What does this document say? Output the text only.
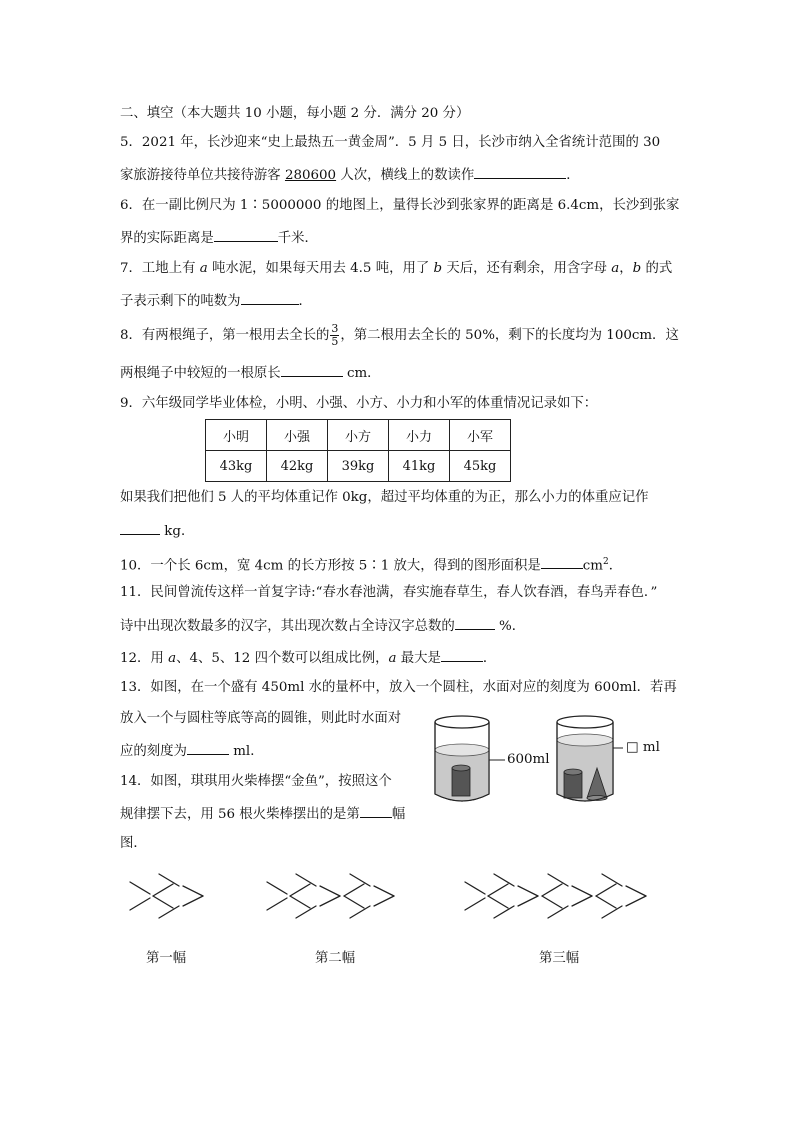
二、填空（本大题共 10 小题，每小题 2 分．满分 20 分）
5．2021 年，长沙迎来“史上最热五一黄金周”．5 月 5 日，长沙市纳入全省统计范围的 30
家旅游接待单位共接待游客 280600 人次，横线上的数读作	．
6．在一副比例尺为 1∶5000000 的地图上，量得长沙到张家界的距离是 6.4cm，长沙到张家
界的实际距离是	千米．
7．工地上有 a 吨水泥，如果每天用去 4.5 吨，用了 b 天后，还有剩余，用含字母 a，b 的式
子表示剩下的吨数为	．
8．有两根绳子，第一根用去全长的 $\frac{3}{5}$ ，第二根用去全长的 50%，剩下的长度均为 100cm．这
两根绳子中较短的一根原长	cm．
9．六年级同学毕业体检，小明、小强、小方、小力和小军的体重情况记录如下：
小明	小强	小方	小力	小军
43kg	42kg	39kg	41kg	45kg
如果我们把他们 5 人的平均体重记作 0kg，超过平均体重的为正，那么小力的体重应记作
kg．
10．一个长 6cm，宽 4cm 的长方形按 5∶1 放大，得到的图形面积是	$cm^2$．
11．民间曾流传这样一首复字诗:“春水春池满，春实施春草生，春人饮春酒，春鸟弄春色．”
诗中出现次数最多的汉字，其出现次数占全诗汉字总数的	%．
12．用 a、4、5、12 四个数可以组成比例，a 最大是	．
13．如图，在一个盛有 450ml 水的量杯中，放入一个圆柱，水面对应的刻度为 600ml．若再
放入一个与圆柱等底等高的圆锥，则此时水面对
应的刻度为	ml．
600ml
□ ml
14．如图，琪琪用火柴棒摆“金鱼”，按照这个
规律摆下去，用 56 根火柴棒摆出的是第 幅
图．
第一幅	第二幅	第三幅
